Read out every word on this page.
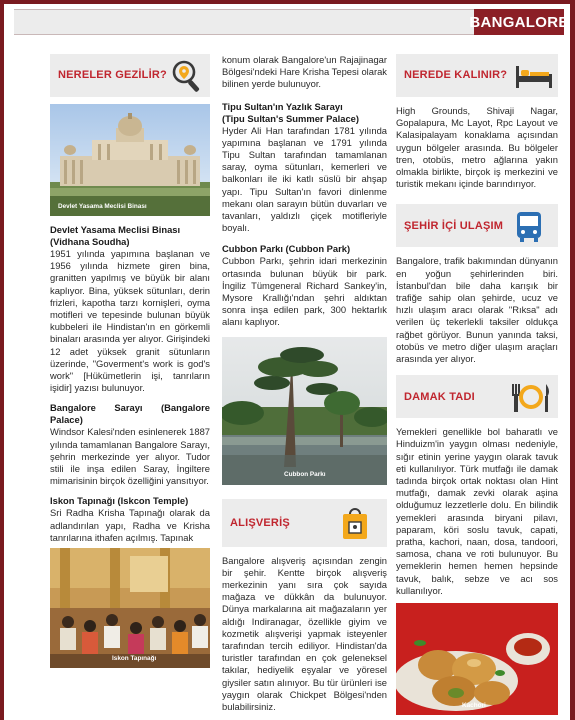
BANGALORE
NERELER GEZİLİR?
Devlet Yasama Meclisi Binası

Devlet Yasama Meclisi Binası

(Vidhana Soudha)

1951 yılında yapımına başlanan ve 1956 yılında hizmete giren bina, granitten yapılmış ve büyük bir alanı kaplıyor. Bina, yüksek sütunları, derin frizleri, kapotha tarzı kornişleri, oyma motifleri ve tepesinde bulunan büyük kubbeleri ile Hindistan'ın en görkemli binaları arasında yer alıyor. Girişindeki 12 adet yüksek granit sütunların üzerinde, "Goverment's work is god's work" [Hükümetlerin işi, tanrıların işidir] yazısı bulunuyor.

Bangalore Sarayı (Bangalore Palace)

Windsor Kalesi'nden esinlenerek 1887 yılında tamamlanan Bangalore Sarayı, şehrin merkezinde yer alıyor. Tudor stili ile inşa edilen Saray, İngiltere mimarisinin birçok özelliğini yansıtıyor.

Iskon Tapınağı (Iskcon Temple)

Sri Radha Krisha Tapınağı olarak da adlandırılan yapı, Radha ve Krisha tanrılarına ithafen açılmış. Tapınak

Iskon Tapınağı

konum olarak Bangalore'un Rajajinagar Bölgesi'ndeki Hare Krisha Tepesi olarak bilinen yerde bulunuyor.

Tipu Sultan'ın Yazlık Sarayı

(Tipu Sultan's Summer Palace)

Hyder Ali Han tarafından 1781 yılında yapımına başlanan ve 1791 yılında Tipu Sultan tarafından tamamlanan saray, oyma sütunları, kemerleri ve balkonları ile iki katlı süslü bir ahşap yapı. Tipu Sultan'ın favori dinlenme mekanı olan sarayın bütün duvarları ve tavanları, yaldızlı çiçek motifleriyle boyalı.

Cubbon Parkı (Cubbon Park)

Cubbon Parkı, şehrin idari merkezinin ortasında bulunan büyük bir park. İngiliz Tümgeneral Richard Sankey'in, Mysore Krallığı'ndan şehri aldıktan sonra inşa edilen park, 300 hektarlık alanı kaplıyor.

Cubbon Parkı
ALIŞVERİŞ

Bangalore alışveriş açısından zengin bir şehir. Kentte birçok alışveriş merkezinin yanı sıra çok sayıda mağaza ve dükkân da bulunuyor. Dünya markalarına ait mağazaların yer aldığı Indiranagar, özellikle giyim ve kozmetik alışverişi yapmak isteyenler tarafından tercih ediliyor. Hindistan'da turistler tarafından en çok geleneksel takılar, hediyelik eşyalar ve yöresel giysiler satın alınıyor. Bu tür ürünleri ise yaygın olarak Chickpet Bölgesi'nden bulabilirsiniz.

NEREDE KALINIR?

High Grounds, Shivaji Nagar, Gopalapura, Mc Layot, Rpc Layout ve Kalasipalayam konaklama açısından uygun bölgeler arasında. Bu bölgeler tren, otobüs, metro ağlarına yakın olmakla birlikte, birçok iş merkezini ve turistik mekanı içinde barındırıyor.

ŞEHİR İÇİ ULAŞIM

Bangalore, trafik bakımından dünyanın en yoğun şehirlerinden biri. İstanbul'dan bile daha karışık bir trafiğe sahip olan şehirde, ucuz ve hızlı ulaşım aracı olarak "Rıksa" adı verilen üç tekerlekli taksiler oldukça rağbet görüyor. Bunun yanında taksi, otobüs ve metro diğer ulaşım araçları arasında yer alıyor.

DAMAK TADI

Yemekleri genellikle bol baharatlı ve Hinduizm'in yaygın olması nedeniyle, sığır etinin yerine yaygın olarak tavuk eti kullanılıyor. Türk mutfağı ile damak tadında birçok ortak noktası olan Hint mutfağı, damak zevki olarak aşina olduğumuz lezzetlerle dolu. En bilindik yemekleri arasında biryani pilavı, paparam, köri soslu tavuk, capati, pratha, kachori, naan, dosa, tandoori, samosa, chana ve roti bulunuyor. Bu yemeklerin hemen hemen hepsinde tavuk, balık, sebze ve acı sos kullanılıyor.

Kachori
